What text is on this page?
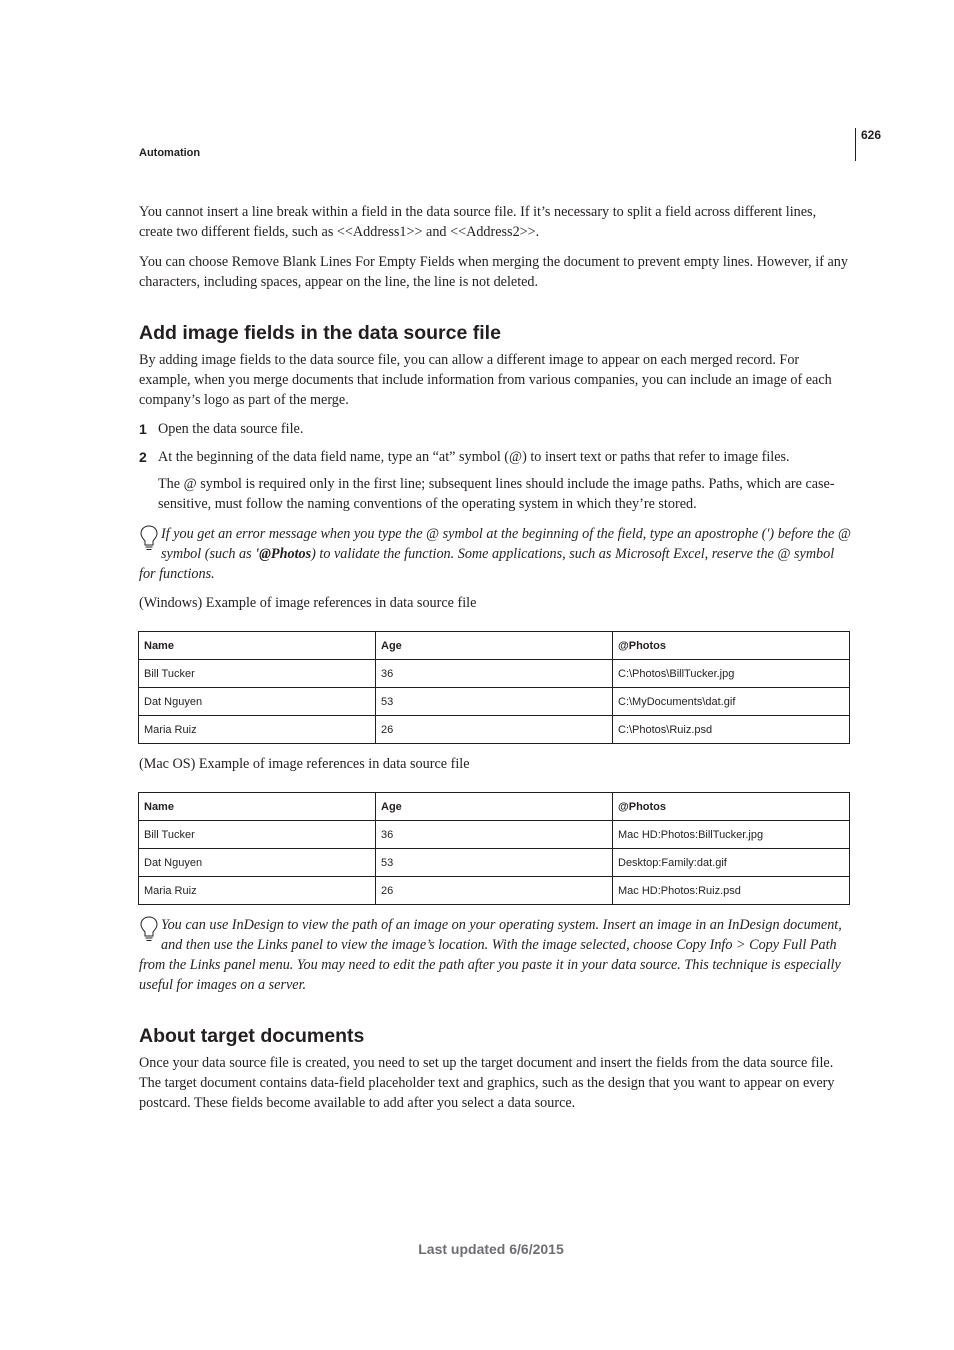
626
Automation

You cannot insert a line break within a field in the data source file. If it’s necessary to split a field across different lines, create two different fields, such as <<Address1>> and <<Address2>>.

You can choose Remove Blank Lines For Empty Fields when merging the document to prevent empty lines. However, if any characters, including spaces, appear on the line, the line is not deleted.

Add image fields in the data source file

By adding image fields to the data source file, you can allow a different image to appear on each merged record. For example, when you merge documents that include information from various companies, you can include an image of each company’s logo as part of the merge.

1 Open the data source file.

2 At the beginning of the data field name, type an “at” symbol (@) to insert text or paths that refer to image files.

The @ symbol is required only in the first line; subsequent lines should include the image paths. Paths, which are case-sensitive, must follow the naming conventions of the operating system in which they’re stored.

If you get an error message when you type the @ symbol at the beginning of the field, type an apostrophe (') before the @ symbol (such as '@Photos) to validate the function. Some applications, such as Microsoft Excel, reserve the @ symbol for functions.

(Windows) Example of image references in data source file

Name	Age	@Photos
Bill Tucker	36	C:\Photos\BillTucker.jpg
Dat Nguyen	53	C:\MyDocuments\dat.gif
Maria Ruiz	26	C:\Photos\Ruiz.psd

(Mac OS) Example of image references in data source file

Name	Age	@Photos
Bill Tucker	36	Mac HD:Photos:BillTucker.jpg
Dat Nguyen	53	Desktop:Family:dat.gif
Maria Ruiz	26	Mac HD:Photos:Ruiz.psd

You can use InDesign to view the path of an image on your operating system. Insert an image in an InDesign document, and then use the Links panel to view the image’s location. With the image selected, choose Copy Info > Copy Full Path from the Links panel menu. You may need to edit the path after you paste it in your data source. This technique is especially useful for images on a server.

About target documents

Once your data source file is created, you need to set up the target document and insert the fields from the data source file. The target document contains data-field placeholder text and graphics, such as the design that you want to appear on every postcard. These fields become available to add after you select a data source.

Last updated 6/6/2015
